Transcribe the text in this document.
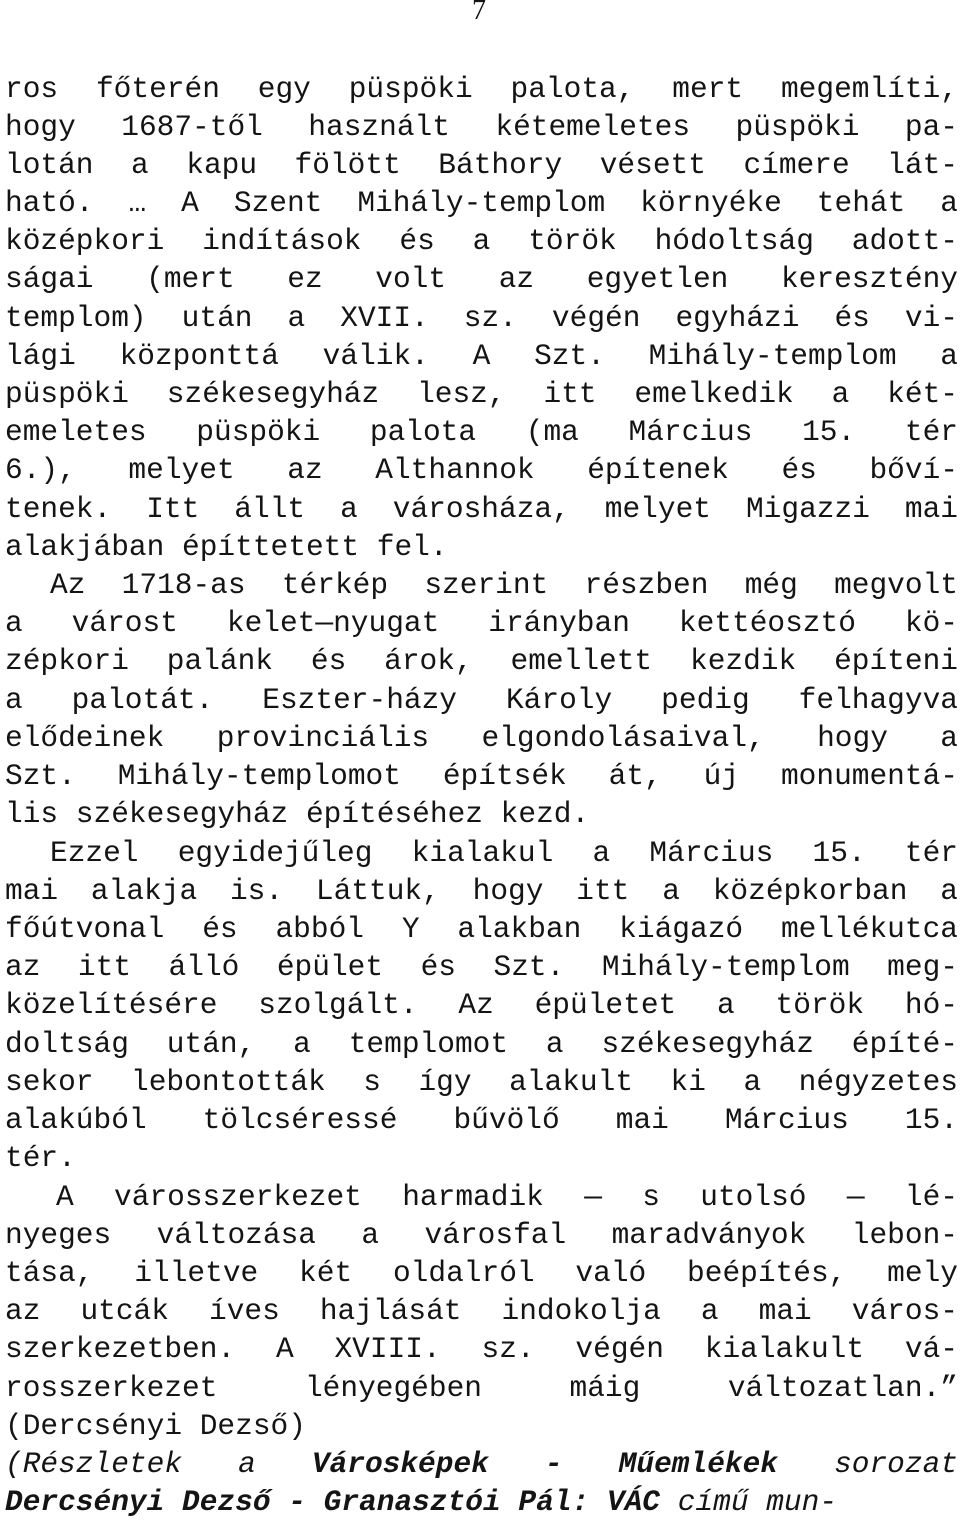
7
ros főterén egy püspöki palota, mert megemlíti,
hogy 1687-től használt kétemeletes püspöki pa-
lotán a kapu fölött Báthory vésett címere lát-
ható. … A Szent Mihály-templom környéke tehát a
középkori indítások és a török hódoltság adott-
ságai (mert ez volt az egyetlen keresztény
templom) után a XVII. sz. végén egyházi és vi-
lági központtá válik. A Szt. Mihály-templom a
püspöki székesegyház lesz, itt emelkedik a két-
emeletes püspöki palota (ma Március 15. tér
6.), melyet az Althannok építenek és bőví-
tenek. Itt állt a városháza, melyet Migazzi mai
alakjában építtetett fel.
Az 1718-as térkép szerint részben még megvolt
a várost kelet—nyugat irányban kettéosztó kö-
zépkori palánk és árok, emellett kezdik építeni
a palotát. Eszter-házy Károly pedig felhagyva
elődeinek provinciális elgondolásaival, hogy a
Szt. Mihály-templomot építsék át, új monumentá-
lis székesegyház építéséhez kezd.
Ezzel egyidejűleg kialakul a Március 15. tér
mai alakja is. Láttuk, hogy itt a középkorban a
főútvonal és abból Y alakban kiágazó mellékutca
az itt álló épület és Szt. Mihály-templom meg-
közelítésére szolgált. Az épületet a török hó-
doltság után, a templomot a székesegyház építé-
sekor lebontották s így alakult ki a négyzetes
alakúból tölcséressé bűvölő mai Március 15.
tér.
A városszerkezet harmadik — s utolsó — lé-
nyeges változása a városfal maradványok lebon-
tása, illetve két oldalról való beépítés, mely
az utcák íves hajlását indokolja a mai város-
szerkezetben. A XVIII. sz. végén kialakult vá-
rosszerkezet lényegében máig változatlan.”
(Dercsényi Dezső)
(Részletek a Városképek - Műemlékek sorozat
Dercsényi Dezső - Granasztói Pál: VÁC című mun-
